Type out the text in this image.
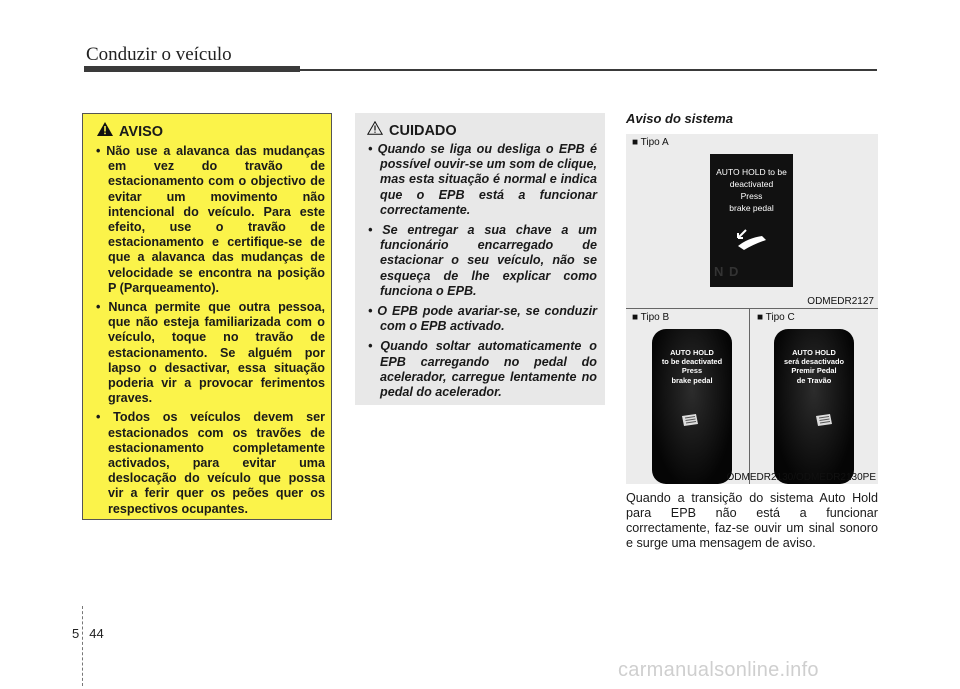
Conduzir o veículo
AVISO
• Não use a alavanca das mudanças em vez do travão de estacionamento com o objectivo de evitar um movimento não intencional do veículo. Para este efeito, use o travão de estacionamento e certifique-se de que a alavanca das mudanças de velocidade se encontra na posição P (Parqueamento).
• Nunca permite que outra pessoa, que não esteja familiarizada com o veículo, toque no travão de estacionamento. Se alguém por lapso o desactivar, essa situação poderia vir a provocar ferimentos graves.
• Todos os veículos devem ser estacionados com os travões de estacionamento completamente activados, para evitar uma deslocação do veículo que possa vir a ferir quer os peões quer os respectivos ocupantes.
CUIDADO
• Quando se liga ou desliga o EPB é possível ouvir-se um som de clique, mas esta situação é normal e indica que o EPB está a funcionar correctamente.
• Se entregar a sua chave a um funcionário encarregado de estacionar o seu veículo, não se esqueça de lhe explicar como funciona o EPB.
• O EPB pode avariar-se, se conduzir com o EPB activado.
• Quando soltar automaticamente o EPB carregando no pedal do acelerador, carregue lentamente no pedal do acelerador.
Aviso do sistema
■ Tipo A
AUTO HOLD to be
deactivated
Press
brake pedal
N D
ODMEDR2127
■ Tipo B	■ Tipo C
AUTO HOLD
to be deactivated
Press
brake pedal
AUTO HOLD
será desactivado
Premir Pedal
de Travão
ODMEDR2130/ODMEDR2130PE
Quando a transição do sistema Auto Hold para EPB não está a funcionar correctamente, faz-se ouvir um sinal sonoro e surge uma mensagem de aviso.
5 44
carmanualsonline.info
